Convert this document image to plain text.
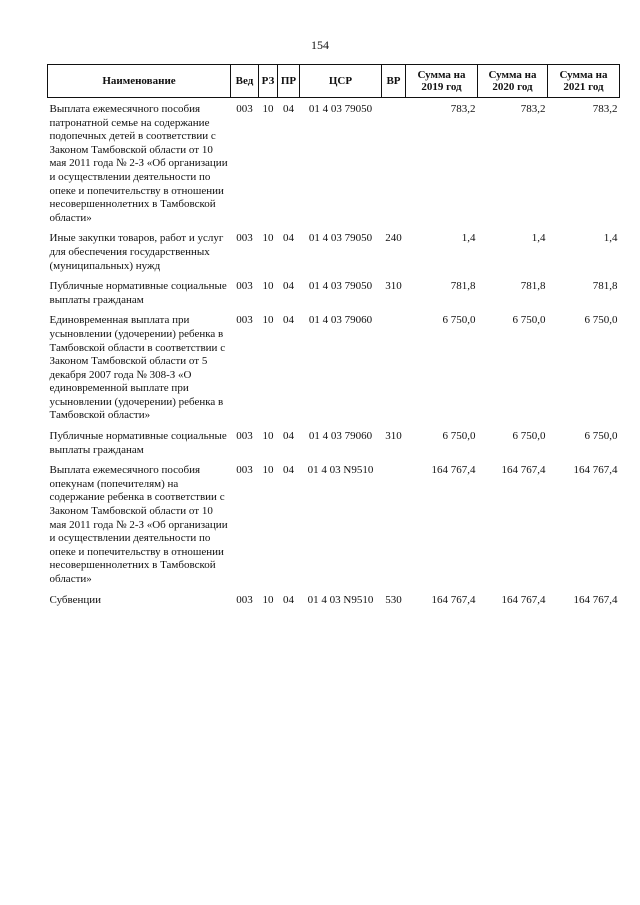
154
Наименование	Вед	РЗ	ПР	ЦСР	ВР	Сумма на 2019 год	Сумма на 2020 год	Сумма на 2021 год
Выплата ежемесячного пособия патронатной семье на содержание подопечных детей в соответствии с Законом Тамбовской области от 10 мая 2011 года № 2-З «Об организации и осуществлении деятельности по опеке и попечительству в отношении несовершеннолетних в Тамбовской области»	003	10	04	01 4 03 79050		783,2	783,2	783,2
Иные закупки товаров, работ и услуг для обеспечения государственных (муниципальных) нужд	003	10	04	01 4 03 79050	240	1,4	1,4	1,4
Публичные нормативные социальные выплаты гражданам	003	10	04	01 4 03 79050	310	781,8	781,8	781,8
Единовременная выплата при усыновлении (удочерении) ребенка в Тамбовской области в соответствии с Законом Тамбовской области от 5 декабря 2007 года № 308-З «О единовременной выплате при усыновлении (удочерении) ребенка в Тамбовской области»	003	10	04	01 4 03 79060		6 750,0	6 750,0	6 750,0
Публичные нормативные социальные выплаты гражданам	003	10	04	01 4 03 79060	310	6 750,0	6 750,0	6 750,0
Выплата ежемесячного пособия опекунам (попечителям) на содержание ребенка в соответствии с Законом Тамбовской области от 10 мая 2011 года № 2-З «Об организации и осуществлении деятельности по опеке и попечительству в отношении несовершеннолетних в Тамбовской области»	003	10	04	01 4 03 N9510		164 767,4	164 767,4	164 767,4
Субвенции	003	10	04	01 4 03 N9510	530	164 767,4	164 767,4	164 767,4
